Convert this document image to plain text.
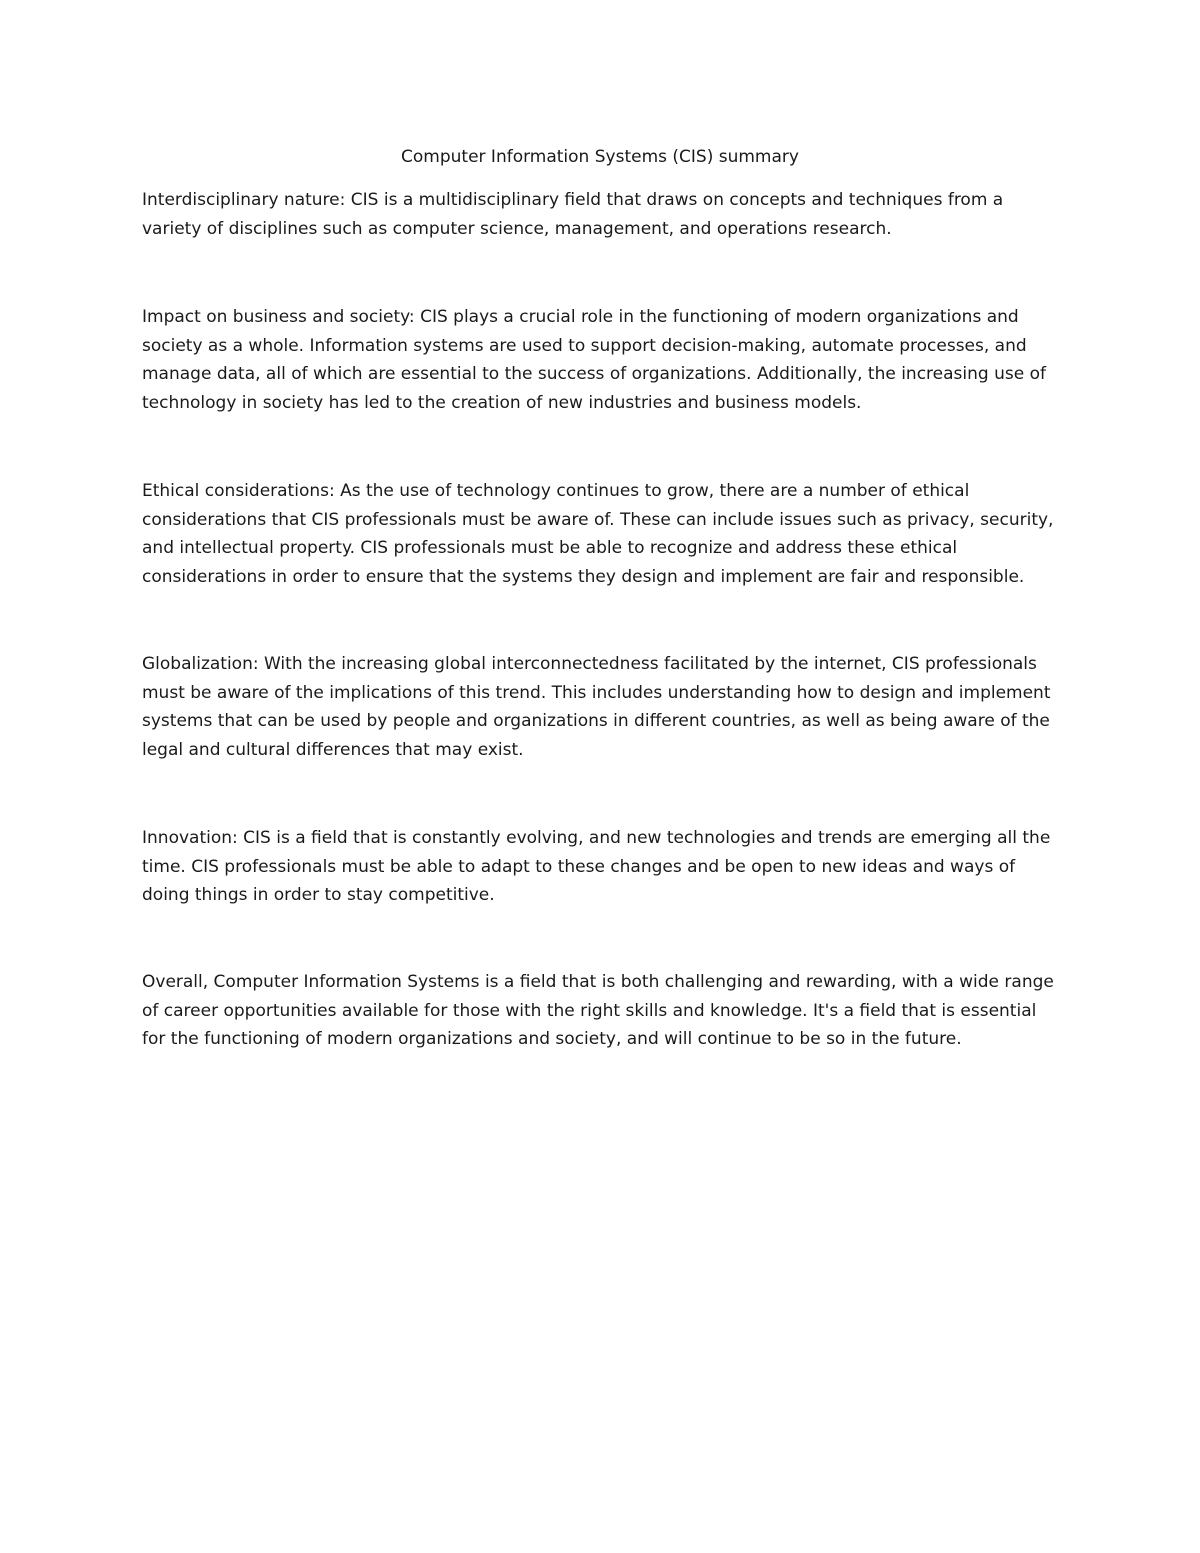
Computer Information Systems (CIS) summary

Interdisciplinary nature: CIS is a multidisciplinary field that draws on concepts and techniques from a variety of disciplines such as computer science, management, and operations research.

Impact on business and society: CIS plays a crucial role in the functioning of modern organizations and society as a whole. Information systems are used to support decision-making, automate processes, and manage data, all of which are essential to the success of organizations. Additionally, the increasing use of technology in society has led to the creation of new industries and business models.

Ethical considerations: As the use of technology continues to grow, there are a number of ethical considerations that CIS professionals must be aware of. These can include issues such as privacy, security, and intellectual property. CIS professionals must be able to recognize and address these ethical considerations in order to ensure that the systems they design and implement are fair and responsible.

Globalization: With the increasing global interconnectedness facilitated by the internet, CIS professionals must be aware of the implications of this trend. This includes understanding how to design and implement systems that can be used by people and organizations in different countries, as well as being aware of the legal and cultural differences that may exist.

Innovation: CIS is a field that is constantly evolving, and new technologies and trends are emerging all the time. CIS professionals must be able to adapt to these changes and be open to new ideas and ways of doing things in order to stay competitive.

Overall, Computer Information Systems is a field that is both challenging and rewarding, with a wide range of career opportunities available for those with the right skills and knowledge. It's a field that is essential for the functioning of modern organizations and society, and will continue to be so in the future.
